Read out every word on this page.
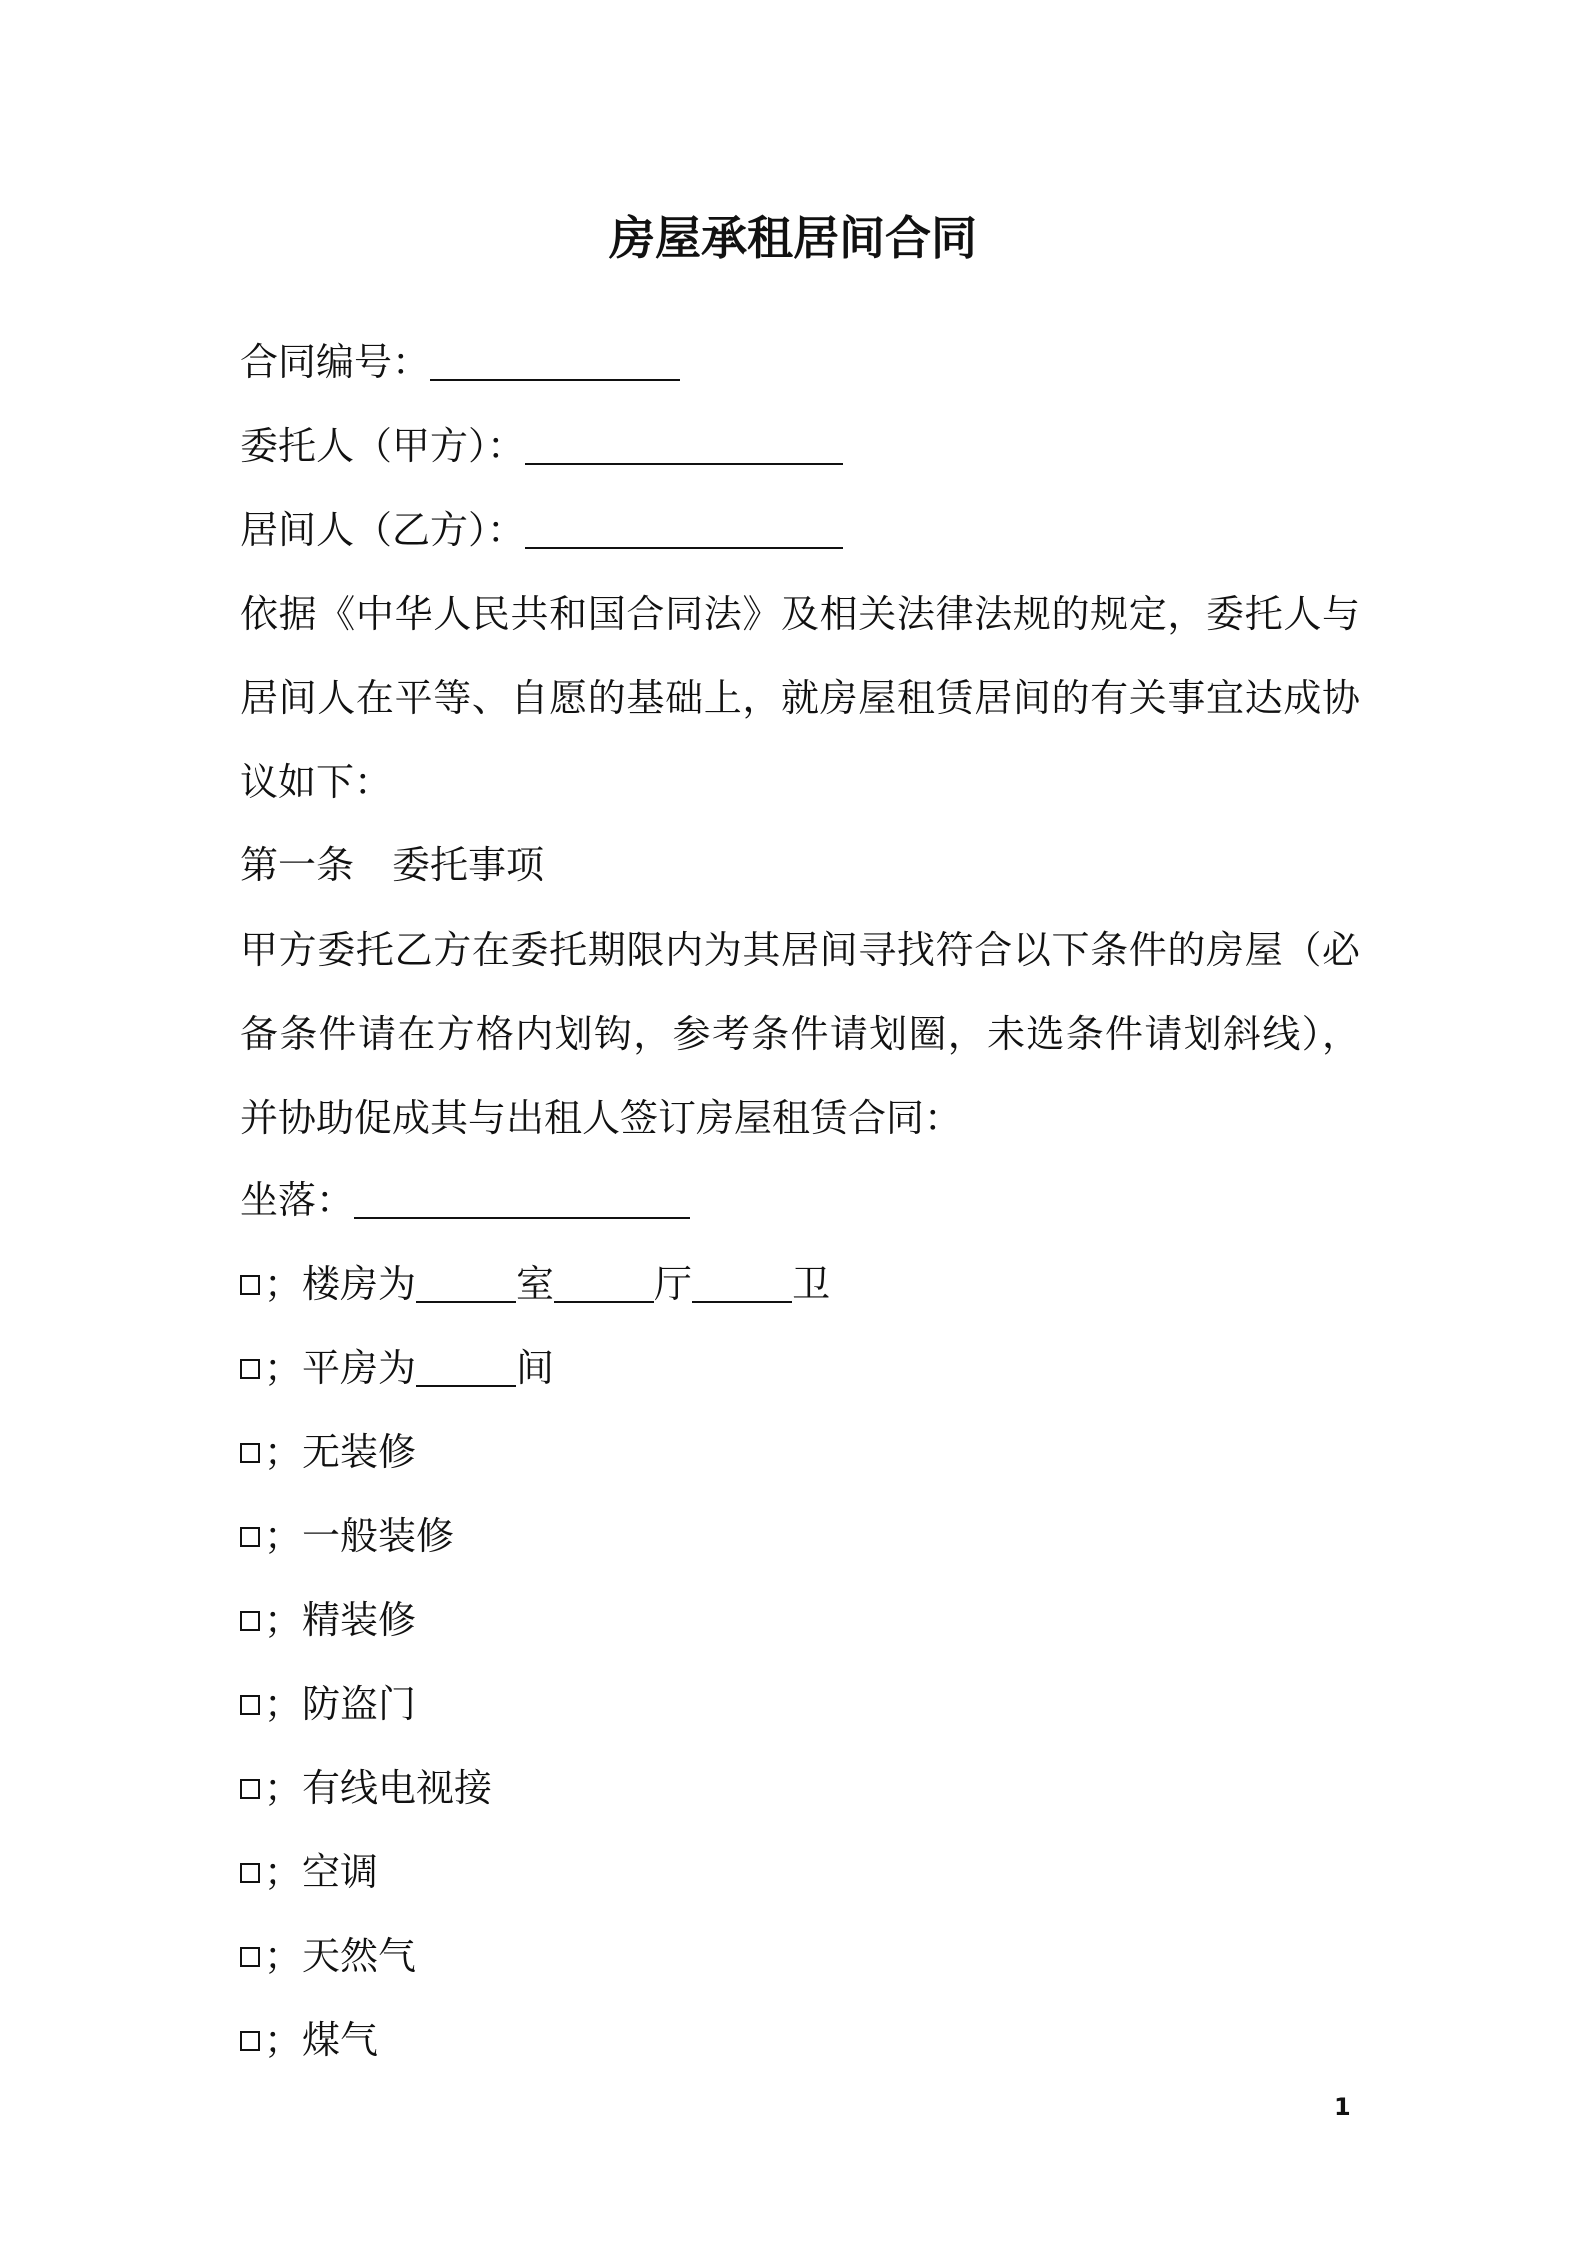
房屋承租居间合同
合同编号：
委托人（甲方）：
居间人（乙方）：

依据《中华人民共和国合同法》及相关法律法规的规定，委托人与居间人在平等、自愿的基础上，就房屋租赁居间的有关事宜达成协议如下：

第一条　委托事项

甲方委托乙方在委托期限内为其居间寻找符合以下条件的房屋（必备条件请在方格内划钩，参考条件请划圈，未选条件请划斜线），并协助促成其与出租人签订房屋租赁合同：

坐落：
；楼房为	室	厅	卫
；平房为	间
；无装修
；一般装修
；精装修
；防盗门
；有线电视接
；空调
；天然气
；煤气
1
